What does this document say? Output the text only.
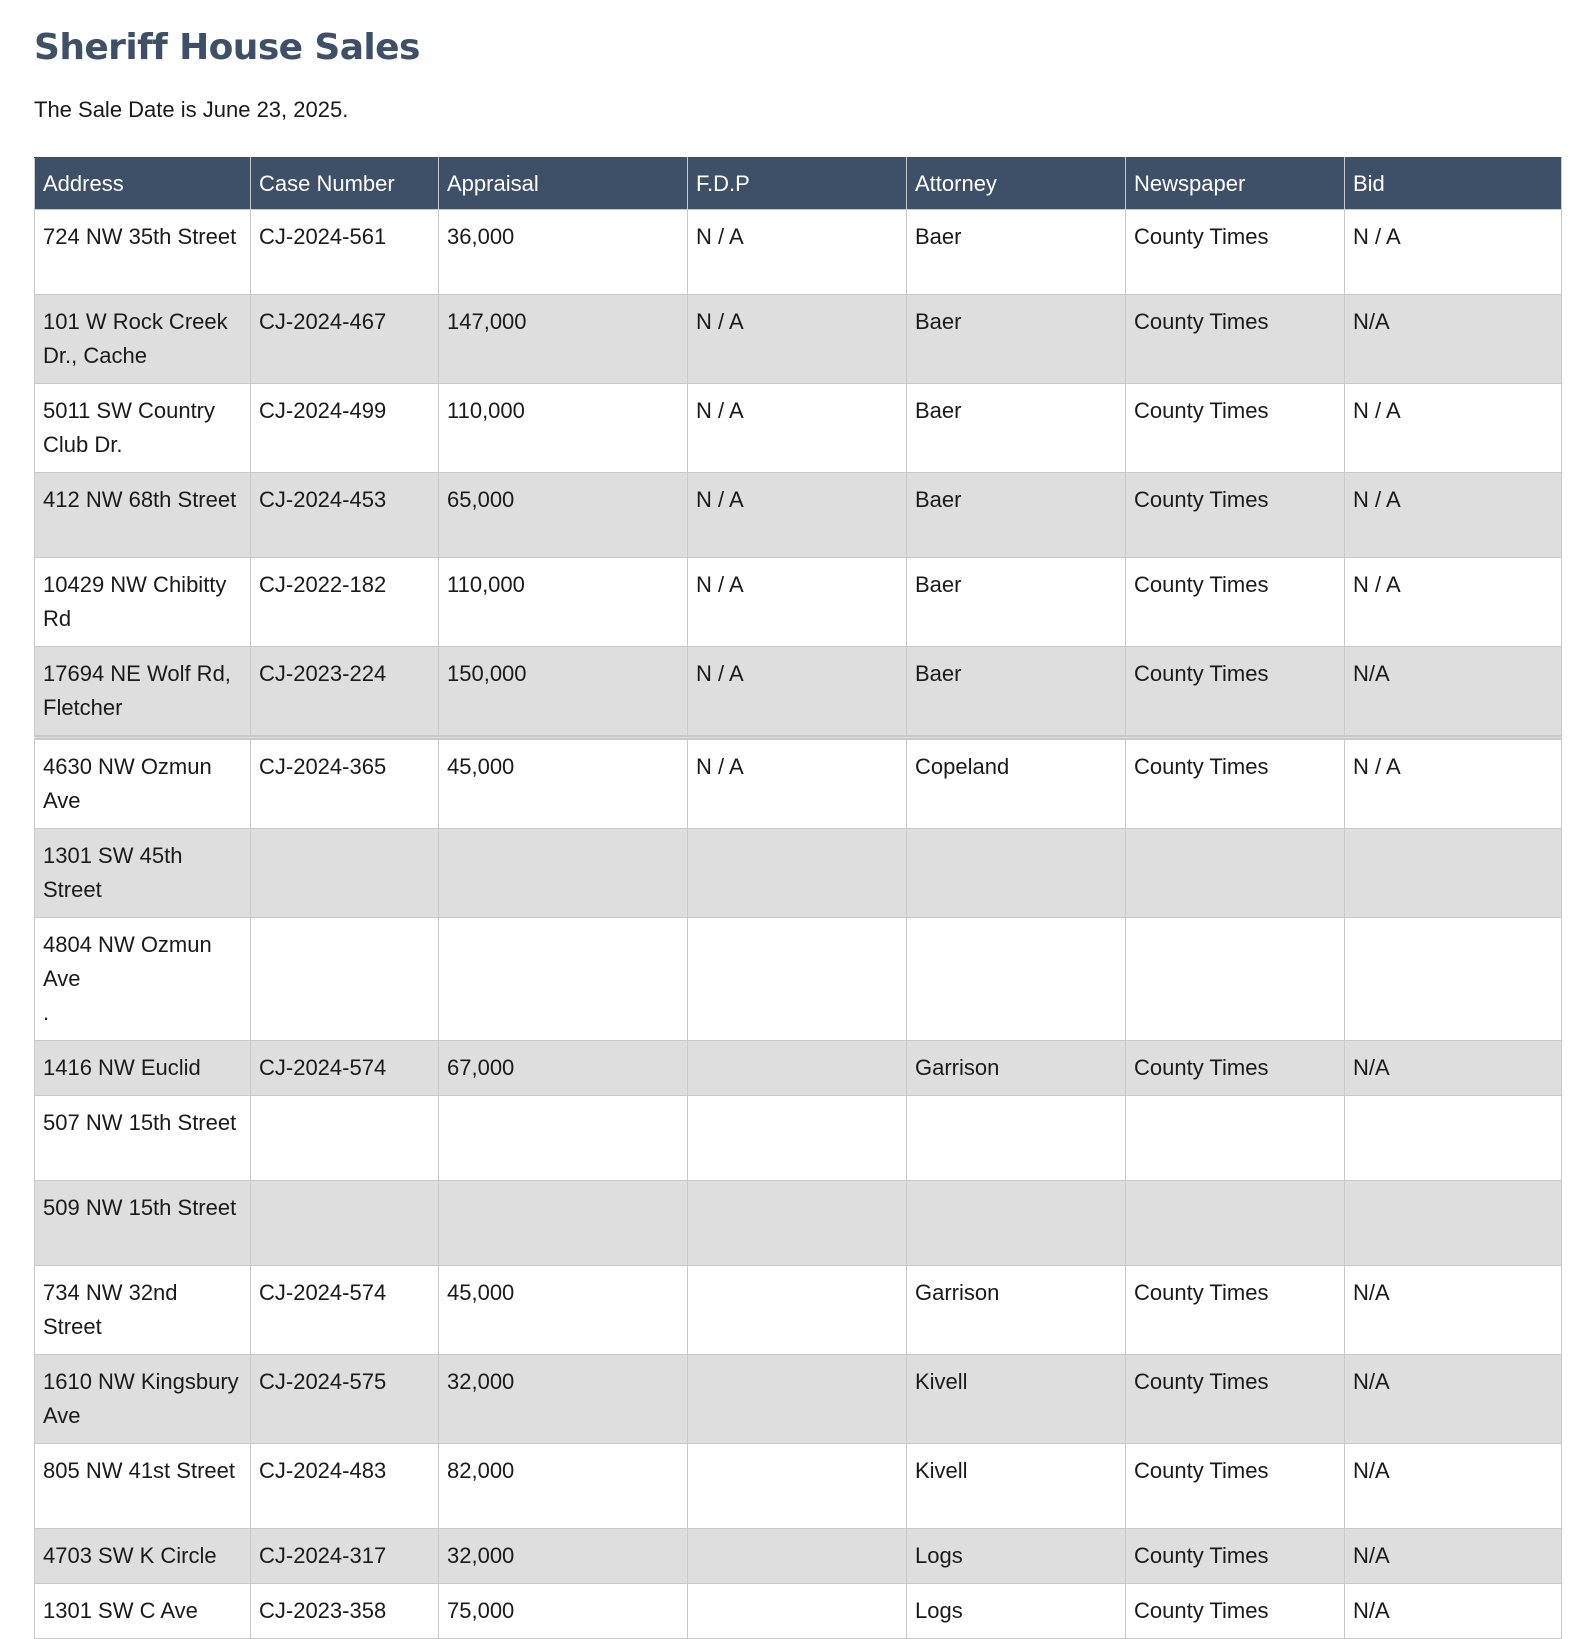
Sheriff House Sales

The Sale Date is June 23, 2025.

Address	Case Number	Appraisal	F.D.P	Attorney	Newspaper	Bid
724 NW 35th Street	CJ-2024-561	36,000	N / A	Baer	County Times	N / A
101 W Rock Creek Dr., Cache	CJ-2024-467	147,000	N / A	Baer	County Times	N/A
5011 SW Country Club Dr.	CJ-2024-499	110,000	N / A	Baer	County Times	N / A
412 NW 68th Street	CJ-2024-453	65,000	N / A	Baer	County Times	N / A
10429 NW Chibitty Rd	CJ-2022-182	110,000	N / A	Baer	County Times	N / A
17694 NE Wolf Rd, Fletcher	CJ-2023-224	150,000	N / A	Baer	County Times	N/A
4630 NW Ozmun Ave	CJ-2024-365	45,000	N / A	Copeland	County Times	N / A
1301 SW 45th Street						
4804 NW Ozmun Ave
.						
1416 NW Euclid	CJ-2024-574	67,000		Garrison	County Times	N/A
507 NW 15th Street						
509 NW 15th Street						
734 NW 32nd Street	CJ-2024-574	45,000		Garrison	County Times	N/A
1610 NW Kingsbury Ave	CJ-2024-575	32,000		Kivell	County Times	N/A
805 NW 41st Street	CJ-2024-483	82,000		Kivell	County Times	N/A
4703 SW K Circle	CJ-2024-317	32,000		Logs	County Times	N/A
1301 SW C Ave	CJ-2023-358	75,000		Logs	County Times	N/A
